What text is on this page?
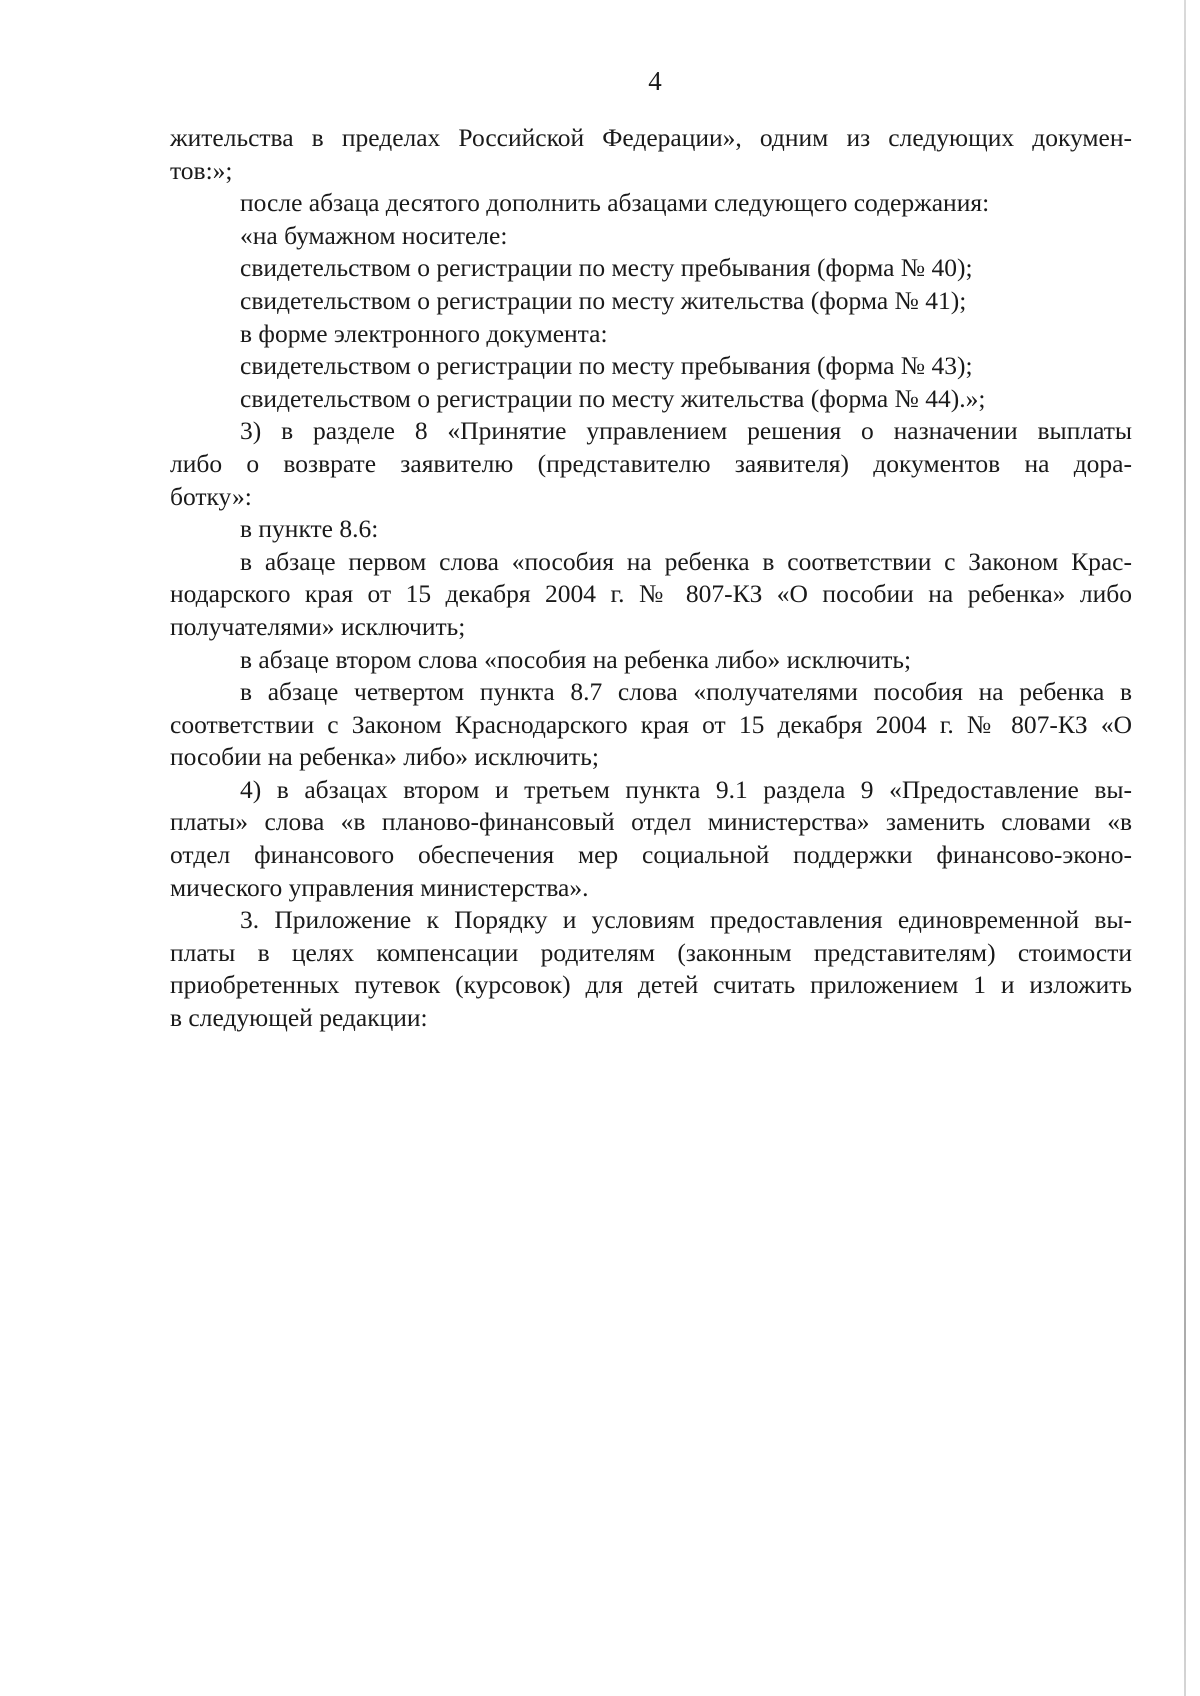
4
жительства в пределах Российской Федерации», одним из следующих докумен-
тов:»;
после абзаца десятого дополнить абзацами следующего содержания:
«на бумажном носителе:
свидетельством о регистрации по месту пребывания (форма № 40);
свидетельством о регистрации по месту жительства (форма № 41);
в форме электронного документа:
свидетельством о регистрации по месту пребывания (форма № 43);
свидетельством о регистрации по месту жительства (форма № 44).»;
3) в разделе 8 «Принятие управлением решения о назначении выплаты
либо о возврате заявителю (представителю заявителя) документов на дора-
ботку»:
в пункте 8.6:
в абзаце первом слова «пособия на ребенка в соответствии с Законом Крас-
нодарского края от 15 декабря 2004 г. № 807-КЗ «О пособии на ребенка» либо
получателями» исключить;
в абзаце втором слова «пособия на ребенка либо» исключить;
в абзаце четвертом пункта 8.7 слова «получателями пособия на ребенка в
соответствии с Законом Краснодарского края от 15 декабря 2004 г. № 807-КЗ «О
пособии на ребенка» либо» исключить;
4) в абзацах втором и третьем пункта 9.1 раздела 9 «Предоставление вы-
платы» слова «в планово-финансовый отдел министерства» заменить словами «в
отдел финансового обеспечения мер социальной поддержки финансово-эконо-
мического управления министерства».
3. Приложение к Порядку и условиям предоставления единовременной вы-
платы в целях компенсации родителям (законным представителям) стоимости
приобретенных путевок (курсовок) для детей считать приложением 1 и изложить
в следующей редакции:
